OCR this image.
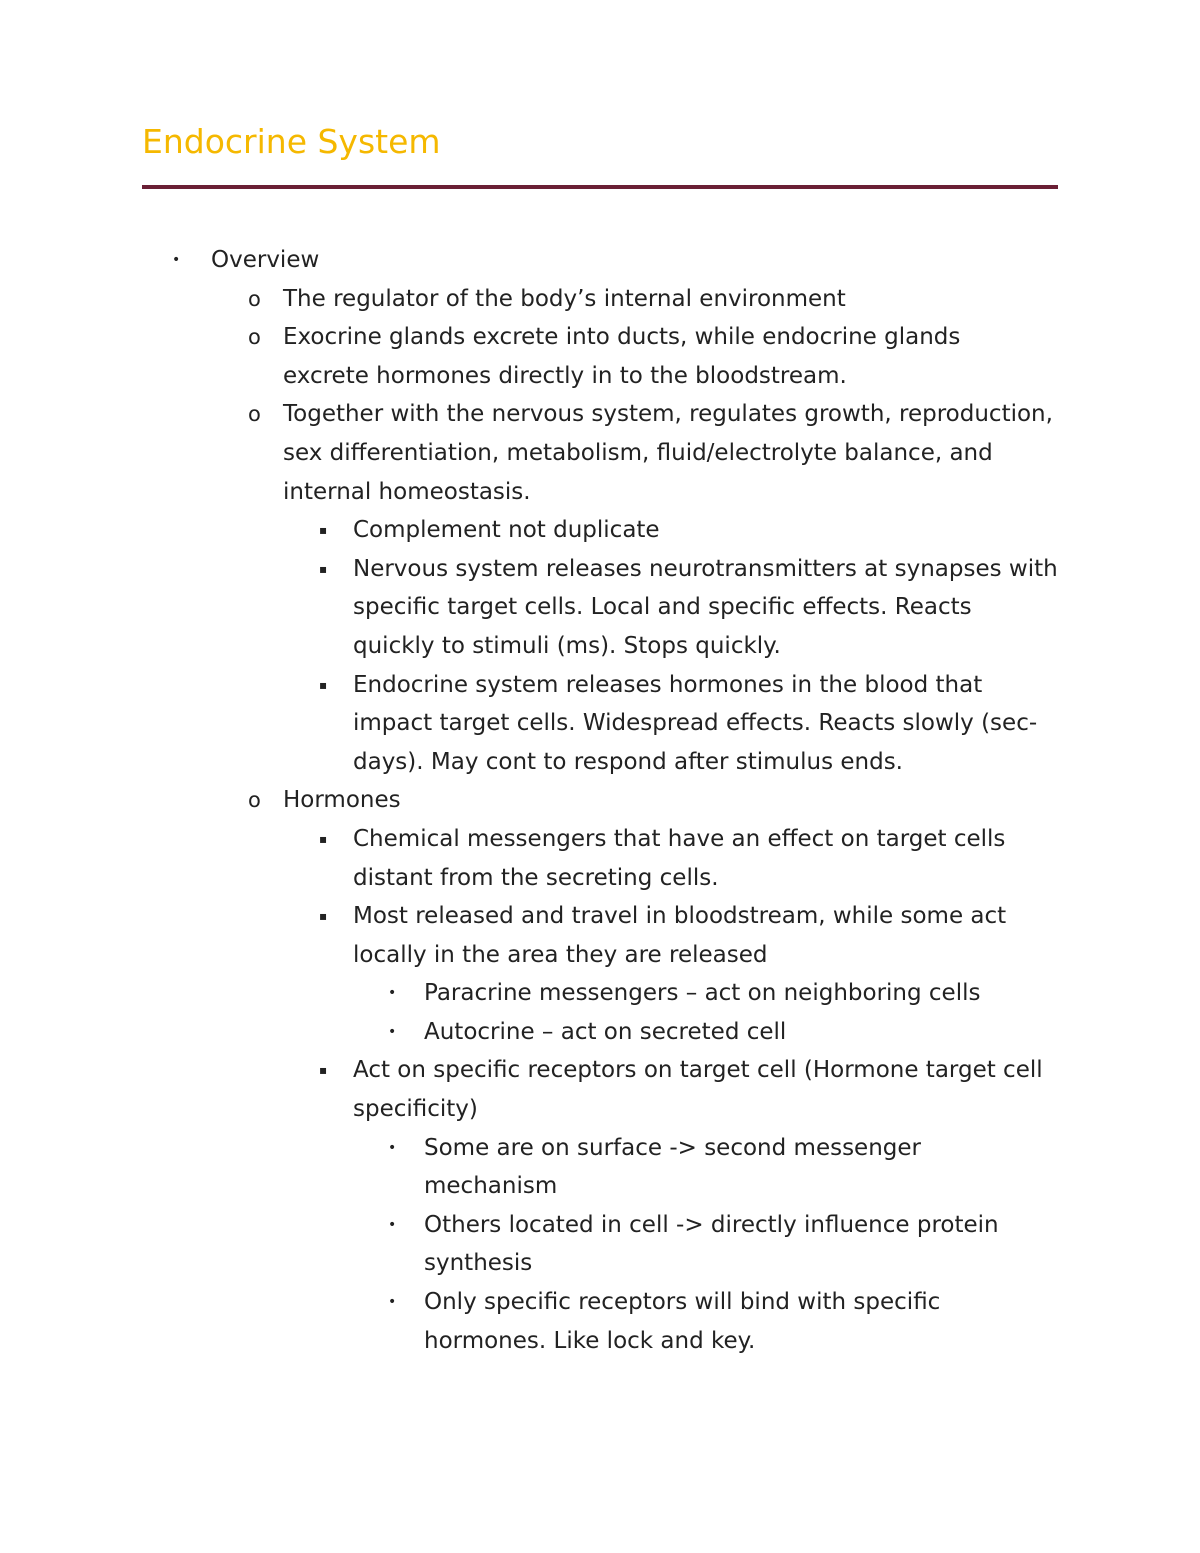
Endocrine System
•	Overview
o The regulator of the body’s internal environment
o Exocrine glands excrete into ducts, while endocrine glands excrete hormones directly in to the bloodstream.
o Together with the nervous system, regulates growth, reproduction, sex differentiation, metabolism, fluid/electrolyte balance, and internal homeostasis.
▪	Complement not duplicate
▪	Nervous system releases neurotransmitters at synapses with specific target cells. Local and specific effects. Reacts quickly to stimuli (ms). Stops quickly.
▪	Endocrine system releases hormones in the blood that impact target cells. Widespread effects. Reacts slowly (sec-days). May cont to respond after stimulus ends.
o Hormones
▪	Chemical messengers that have an effect on target cells distant from the secreting cells.
▪	Most released and travel in bloodstream, while some act locally in the area they are released
•	Paracrine messengers – act on neighboring cells
•	Autocrine – act on secreted cell
▪	Act on specific receptors on target cell (Hormone target cell specificity)
•	Some are on surface -> second messenger mechanism
•	Others located in cell -> directly influence protein synthesis
•	Only specific receptors will bind with specific hormones. Like lock and key.
